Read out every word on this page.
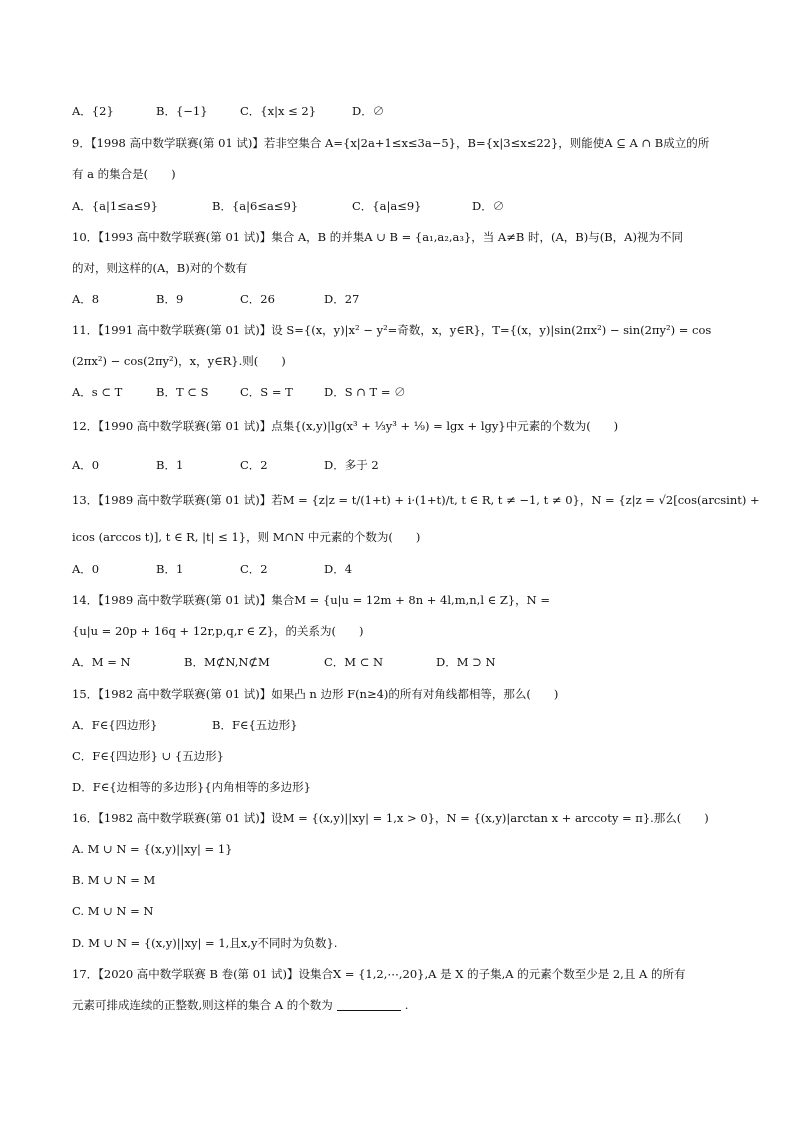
A．{2}	B．{−1}	C．{x|x ≤ 2}	D．∅
9．【1998 高中数学联赛(第 01 试)】若非空集合 A={x|2a+1≤x≤3a−5}，B={x|3≤x≤22}，则能使A ⊆ A ∩ B成立的所
有 a 的集合是(　　)
A．{a|1≤a≤9}	B．{a|6≤a≤9}	C．{a|a≤9}	D．∅
10．【1993 高中数学联赛(第 01 试)】集合 A，B 的并集A ∪ B = {a₁,a₂,a₃}，当 A≠B 时，(A，B)与(B，A)视为不同
的对，则这样的(A，B)对的个数有
A．8	B．9	C．26	D．27
11．【1991 高中数学联赛(第 01 试)】设 S={(x，y)|x² − y²=奇数，x，y∈R}，T={(x，y)|sin(2πx²) − sin(2πy²) = cos
(2πx²) − cos(2πy²)，x，y∈R}.则(　　)
A．s ⊂ T	B．T ⊂ S	C．S = T	D．S ∩ T = ∅
12．【1990 高中数学联赛(第 01 试)】点集{(x,y)|lg(x³ + ⅓y³ + ⅑) = lgx + lgy}中元素的个数为(　　)
A．0	B．1	C．2	D．多于 2
13．【1989 高中数学联赛(第 01 试)】若M = {z|z = t/(1+t) + i·(1+t)/t, t ∈ R, t ≠ −1, t ≠ 0}，N = {z|z = √2[cos(arcsint) +
icos (arccos t)], t ∈ R, |t| ≤ 1}，则 M∩N 中元素的个数为(　　)
A．0	B．1	C．2	D．4
14．【1989 高中数学联赛(第 01 试)】集合M = {u|u = 12m + 8n + 4l,m,n,l ∈ Z}，N =
{u|u = 20p + 16q + 12r,p,q,r ∈ Z}，的关系为(　　)
A．M = N	B．M⊄N,N⊄M	C．M ⊂ N	D．M ⊃ N
15．【1982 高中数学联赛(第 01 试)】如果凸 n 边形 F(n≥4)的所有对角线都相等，那么(　　)
A．F∈{四边形}	B．F∈{五边形}
C．F∈{四边形} ∪ {五边形}
D．F∈{边相等的多边形}{内角相等的多边形}
16．【1982 高中数学联赛(第 01 试)】设M = {(x,y)||xy| = 1,x > 0}，N = {(x,y)|arctan x + arccoty = π}.那么(　　)
A. M ∪ N = {(x,y)||xy| = 1}
B. M ∪ N = M
C. M ∪ N = N
D. M ∪ N = {(x,y)||xy| = 1,且x,y不同时为负数}.
17．【2020 高中数学联赛 B 卷(第 01 试)】设集合X = {1,2,⋯,20},A 是 X 的子集,A 的元素个数至少是 2,且 A 的所有
元素可排成连续的正整数,则这样的集合 A 的个数为	.
